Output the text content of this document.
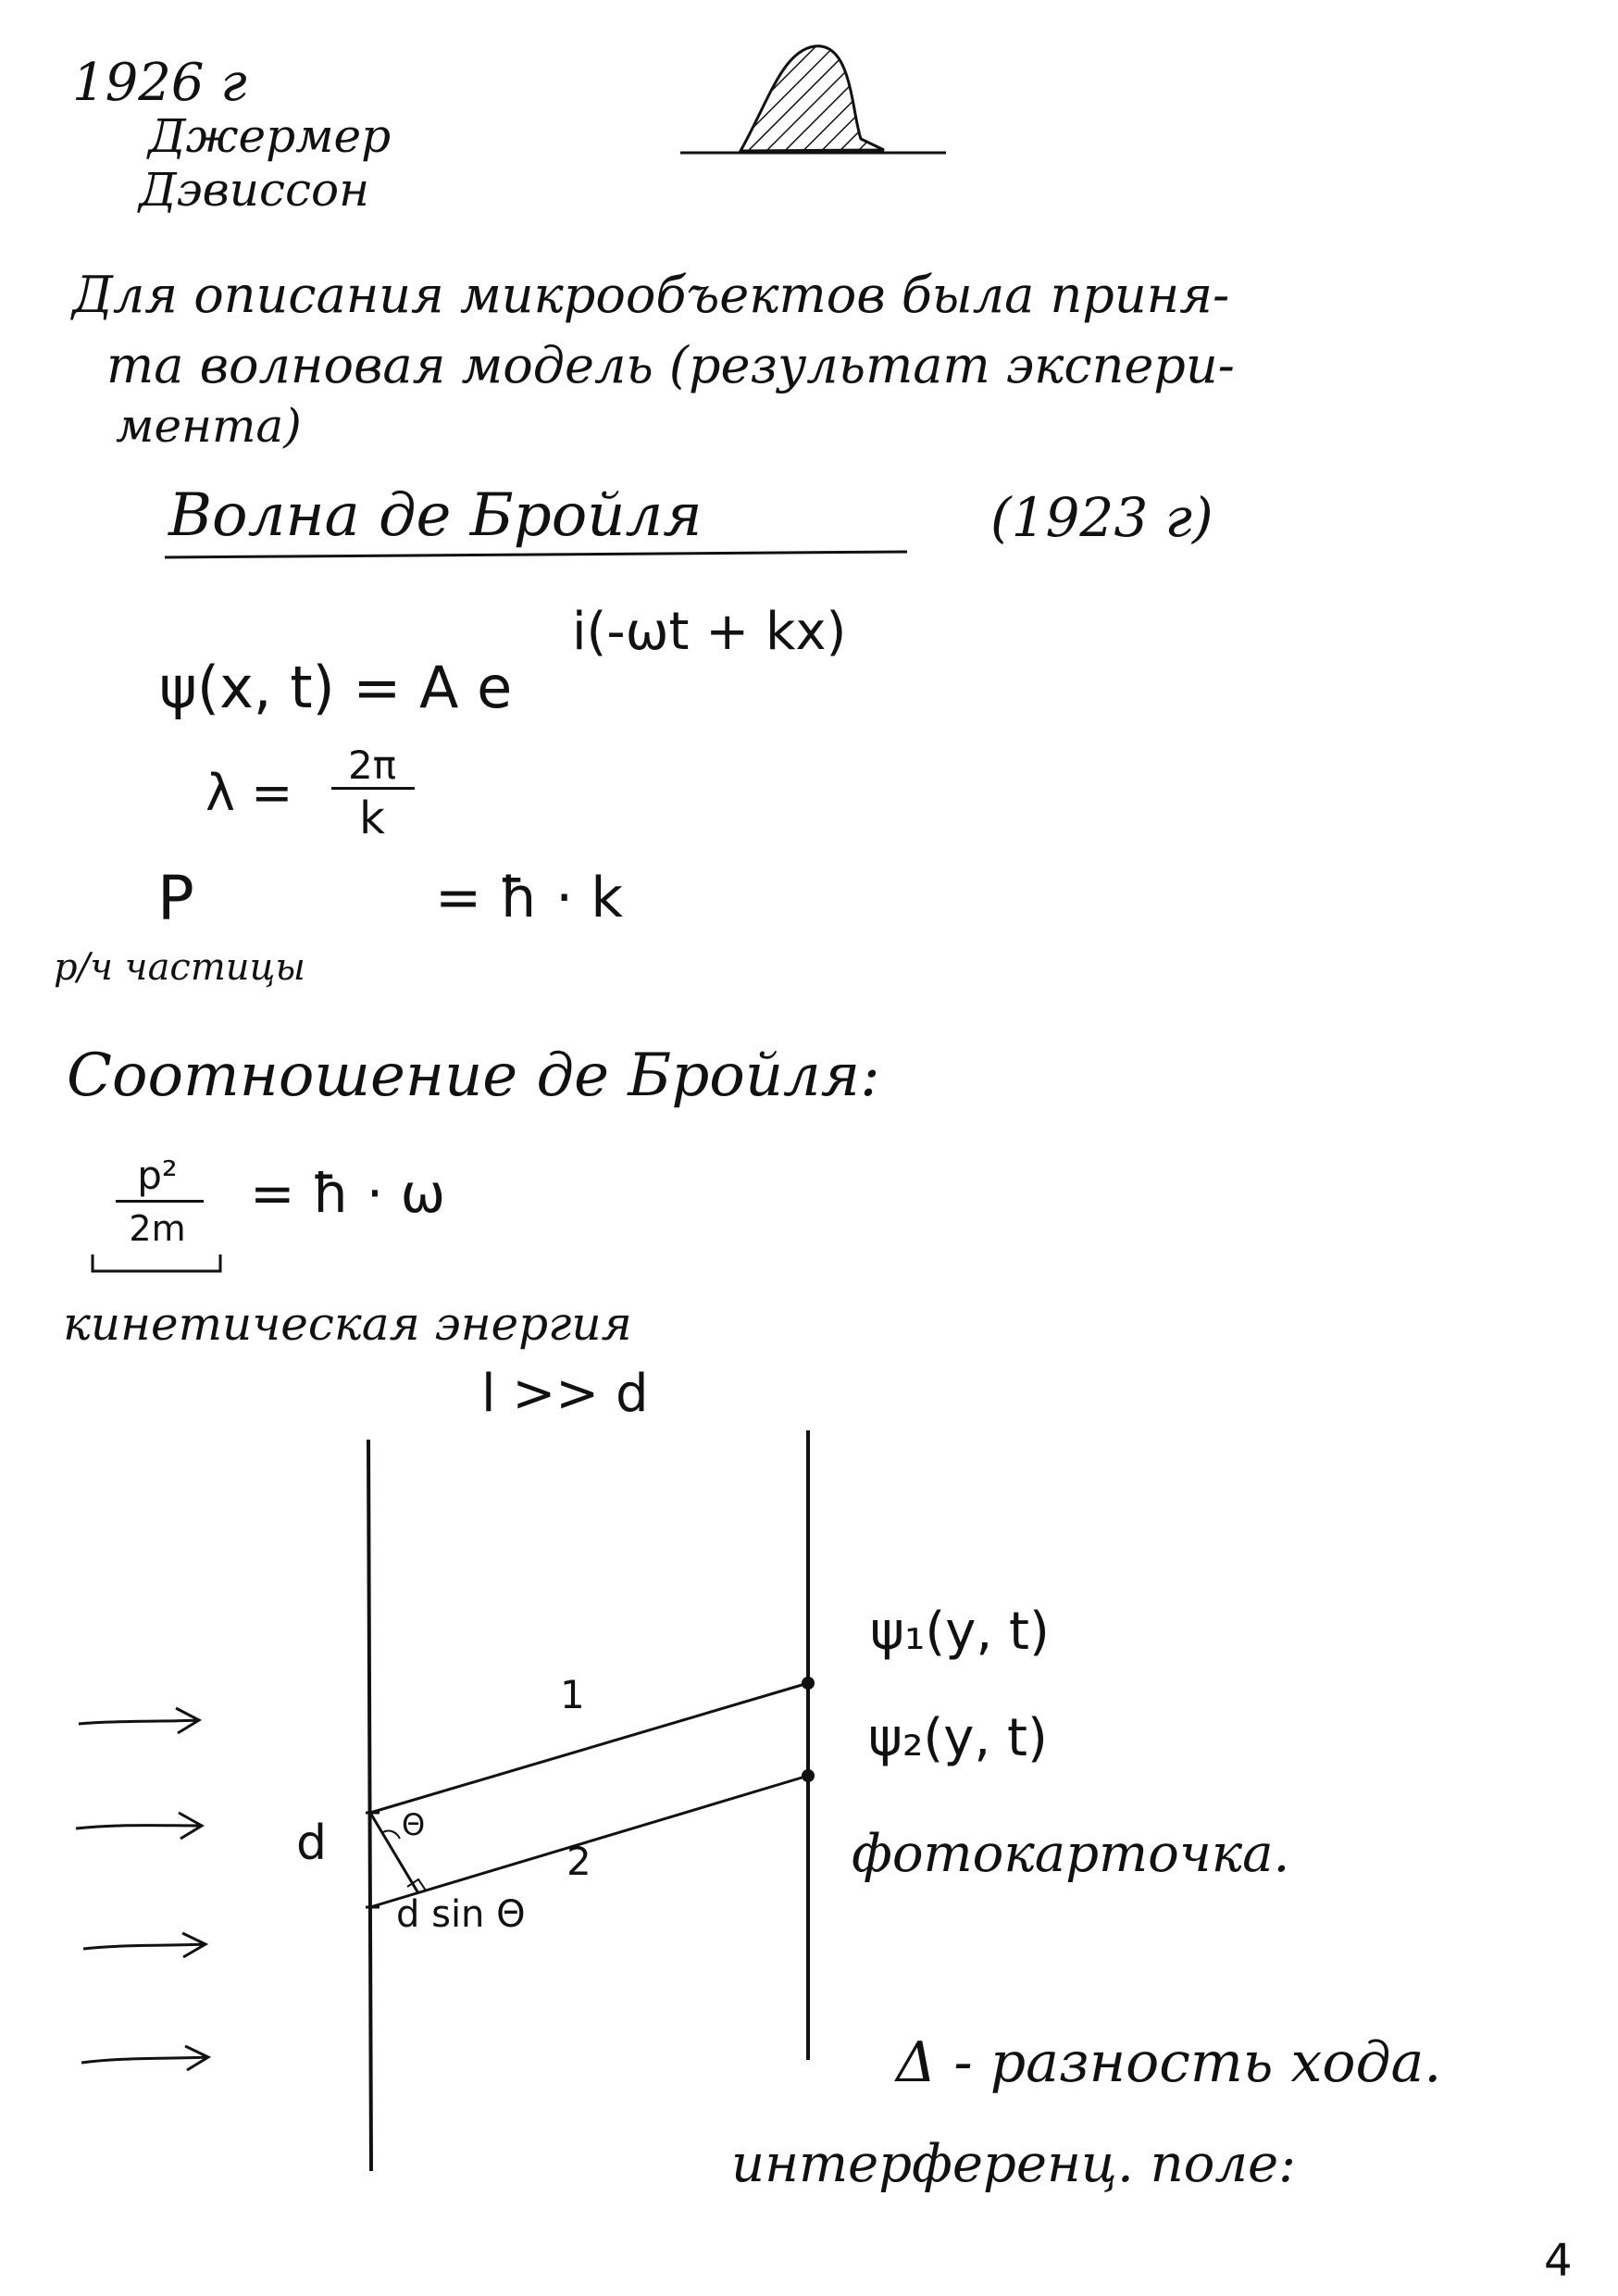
1926 г
Джермер
Дэвиссон
Для описания микрообъектов была приня-
та волновая модель (результат экспери-
мента)
Волна де Бройля	(1923 г)
i(-ωt + kx)
ψ(x, t) = A e
λ =	2π
k
P	= ħ · k
р/ч частицы
Соотношение де Бройля:
p²
2m
= ħ · ω
кинетическая энергия
l >> d
1
2
d	Θ
d sin Θ
ψ₁(y, t)
ψ₂(y, t)
фотокарточка.
Δ - разность хода.
интерференц. поле:
4
